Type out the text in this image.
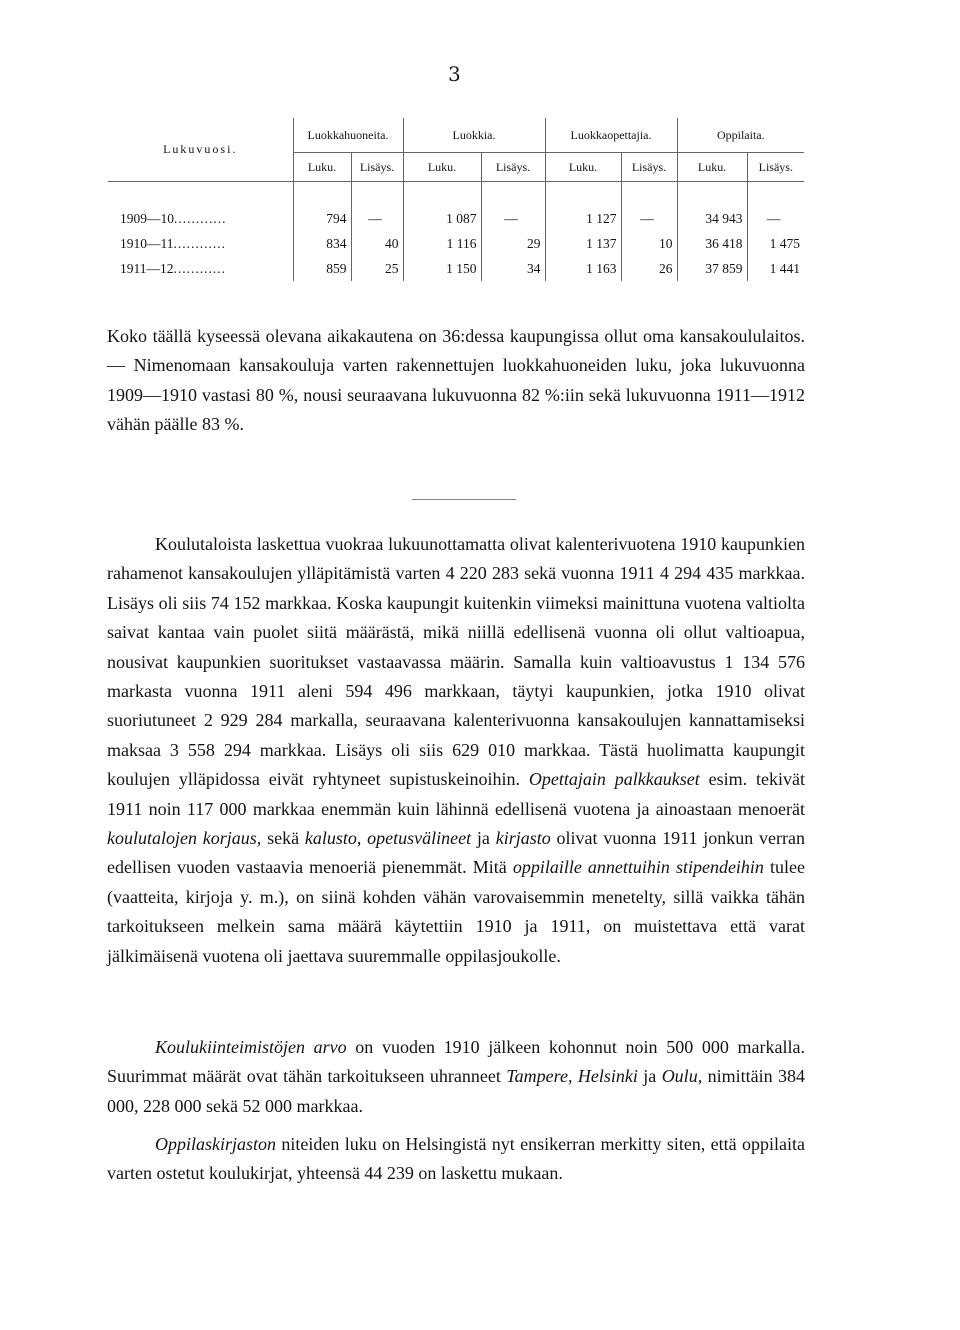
3
Lukuvuosi.	Luokkahuoneita.		Luokkia.		Luokkaopettajia.		Oppilaita.	
	Luku.	Lisäys.	Luku.	Lisäys.	Luku.	Lisäys.	Luku.	Lisäys.

1909—10............	794	—	1 087	—	1 127	—	34 943	—
1910—11............	834	40	1 116	29	1 137	10	36 418	1 475
1911—12............	859	25	1 150	34	1 163	26	37 859	1 441

Koko täällä kyseessä olevana aikakautena on 36:dessa kaupungissa ollut oma kansakoululaitos. — Nimenomaan kansakouluja varten rakennettujen luokkahuoneiden luku, joka lukuvuonna 1909—1910 vastasi 80 %, nousi seuraavana lukuvuonna 82 %:iin sekä lukuvuonna 1911—1912 vähän päälle 83 %.

Koulutaloista laskettua vuokraa lukuunottamatta olivat kalenterivuotena 1910 kaupunkien rahamenot kansakoulujen ylläpitämistä varten 4 220 283 sekä vuonna 1911 4 294 435 markkaa. Lisäys oli siis 74 152 markkaa. Koska kaupungit kuitenkin viimeksi mainittuna vuotena valtiolta saivat kantaa vain puolet siitä määrästä, mikä niillä edellisenä vuonna oli ollut valtioapua, nousivat kaupunkien suoritukset vastaavassa määrin. Samalla kuin valtioavustus 1 134 576 markasta vuonna 1911 aleni 594 496 markkaan, täytyi kaupunkien, jotka 1910 olivat suoriutuneet 2 929 284 markalla, seuraavana kalenterivuonna kansakoulujen kannattamiseksi maksaa 3 558 294 markkaa. Lisäys oli siis 629 010 markkaa. Tästä huolimatta kaupungit koulujen ylläpidossa eivät ryhtyneet supistuskeinoihin. Opettajain palkkaukset esim. tekivät 1911 noin 117 000 markkaa enemmän kuin lähinnä edellisenä vuotena ja ainoastaan menoerät koulutalojen korjaus, sekä kalusto, opetusvälineet ja kirjasto olivat vuonna 1911 jonkun verran edellisen vuoden vastaavia menoeriä pienemmät. Mitä oppilaille annettuihin stipendeihin tulee (vaatteita, kirjoja y. m.), on siinä kohden vähän varovaisemmin menetelty, sillä vaikka tähän tarkoitukseen melkein sama määrä käytettiin 1910 ja 1911, on muistettava että varat jälkimäisenä vuotena oli jaettava suuremmalle oppilasjoukolle.

Koulukiinteimistöjen arvo on vuoden 1910 jälkeen kohonnut noin 500 000 markalla. Suurimmat määrät ovat tähän tarkoitukseen uhranneet Tampere, Helsinki ja Oulu, nimittäin 384 000, 228 000 sekä 52 000 markkaa.

Oppilaskirjaston niteiden luku on Helsingistä nyt ensikerran merkitty siten, että oppilaita varten ostetut koulukirjat, yhteensä 44 239 on laskettu mukaan.
